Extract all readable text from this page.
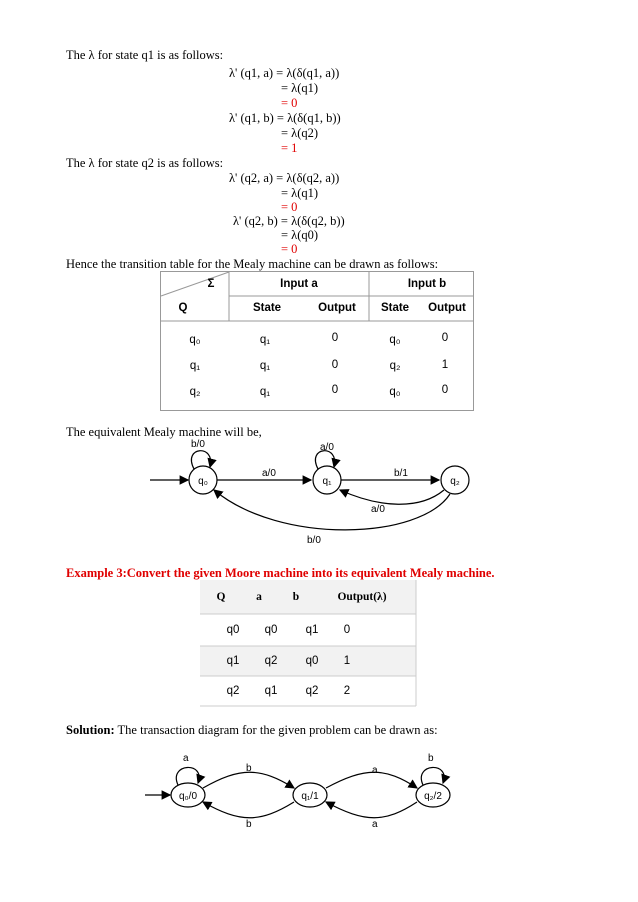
The λ for state q1 is as follows:
λ' (q1, a) = λ(δ(q1, a))
= λ(q1)
= 0
λ' (q1, b) = λ(δ(q1, b))
= λ(q2)
= 1
The λ for state q2 is as follows:
λ' (q2, a) = λ(δ(q2, a))
= λ(q1)
= 0
λ' (q2, b) = λ(δ(q2, b))
= λ(q0)
= 0
Hence the transition table for the Mealy machine can be drawn as follows:
Σ
Q
Input a	Input b
State	Output	State	Output
q₀	q₁	0	q₀	0
q₁	q₁	0	q₂	1
q₂	q₁	0	q₀	0
The equivalent Mealy machine will be,
q₀	q₁	q₂
b/0	a/0
a/0	b/1
a/0
b/0
Example 3:Convert the given Moore machine into its equivalent Mealy machine.
Q	a	b	Output(λ)
q0	q0	q1	0
q1	q2	q0	1
q2	q1	q2	2
Solution: The transaction diagram for the given problem can be drawn as:
q₀/0	q₁/1	q₂/2
a	b
b	a
b	a
